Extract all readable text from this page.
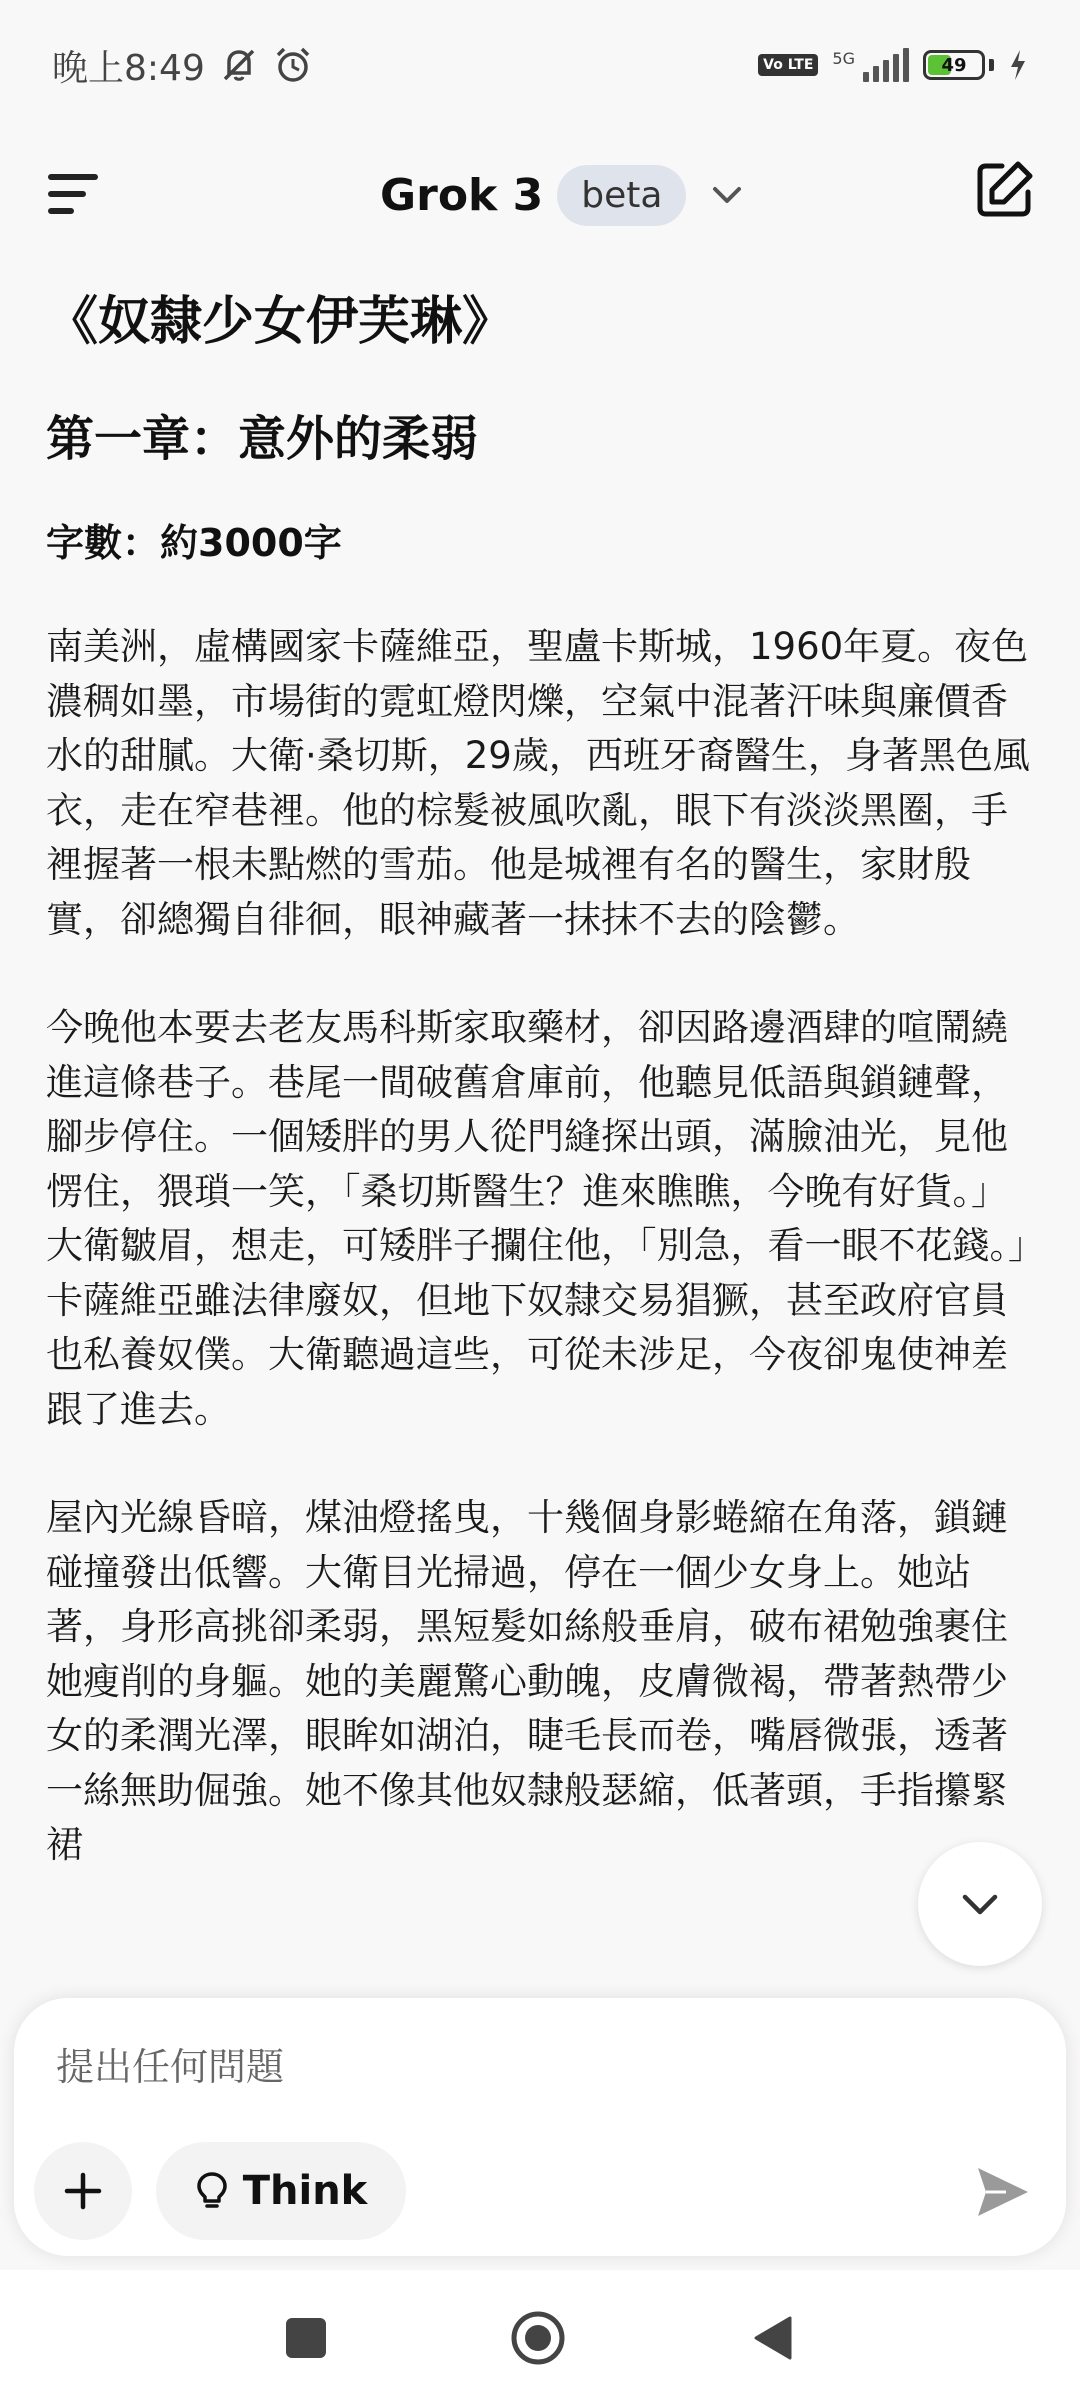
晚上8:49	Vo LTE	5G	49
Grok 3	beta
《奴隸少女伊芙琳》
第一章：意外的柔弱
字數：約3000字

南美洲，虛構國家卡薩維亞，聖盧卡斯城，1960年夏。夜色濃稠如墨，市場街的霓虹燈閃爍，空氣中混著汗味與廉價香水的甜膩。大衛·桑切斯，29歲，西班牙裔醫生，身著黑色風衣，走在窄巷裡。他的棕髮被風吹亂，眼下有淡淡黑圈，手裡握著一根未點燃的雪茄。他是城裡有名的醫生，家財殷實，卻總獨自徘徊，眼神藏著一抹抹不去的陰鬱。

今晚他本要去老友馬科斯家取藥材，卻因路邊酒肆的喧鬧繞進這條巷子。巷尾一間破舊倉庫前，他聽見低語與鎖鏈聲，腳步停住。一個矮胖的男人從門縫探出頭，滿臉油光，見他愣住，猥瑣一笑，「桑切斯醫生？進來瞧瞧，今晚有好貨。」大衛皺眉，想走，可矮胖子攔住他，「別急，看一眼不花錢。」卡薩維亞雖法律廢奴，但地下奴隸交易猖獗，甚至政府官員也私養奴僕。大衛聽過這些，可從未涉足，今夜卻鬼使神差跟了進去。

屋內光線昏暗，煤油燈搖曳，十幾個身影蜷縮在角落，鎖鏈碰撞發出低響。大衛目光掃過，停在一個少女身上。她站著，身形高挑卻柔弱，黑短髮如絲般垂肩，破布裙勉強裹住她瘦削的身軀。她的美麗驚心動魄，皮膚微褐，帶著熱帶少女的柔潤光澤，眼眸如湖泊，睫毛長而卷，嘴唇微張，透著一絲無助倔強。她不像其他奴隸般瑟縮，低著頭，手指攥緊裙

提出任何問題
Think
